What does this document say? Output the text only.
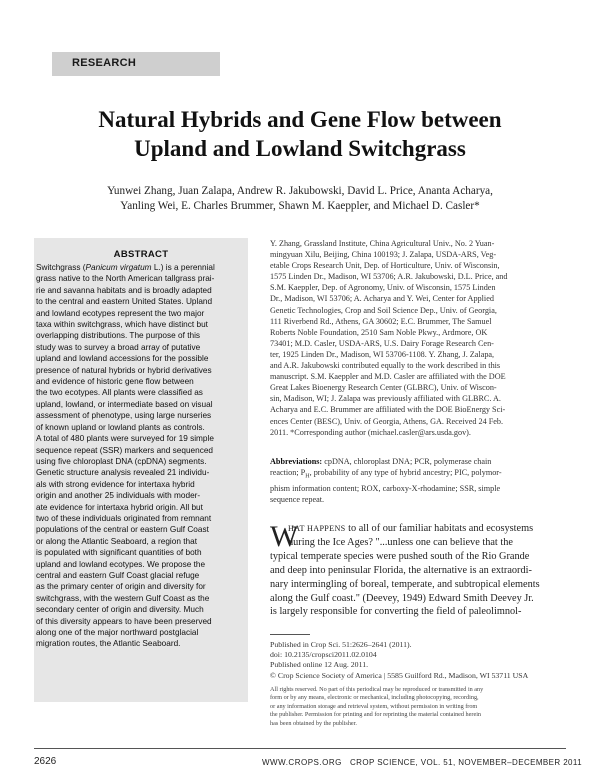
RESEARCH
Natural Hybrids and Gene Flow between
Upland and Lowland Switchgrass
Yunwei Zhang, Juan Zalapa, Andrew R. Jakubowski, David L. Price, Ananta Acharya,
Yanling Wei, E. Charles Brummer, Shawn M. Kaeppler, and Michael D. Casler*
ABSTRACT
Switchgrass (Panicum virgatum L.) is a perennial
grass native to the North American tallgrass prai-
rie and savanna habitats and is broadly adapted
to the central and eastern United States. Upland
and lowland ecotypes represent the two major
taxa within switchgrass, which have distinct but
overlapping distributions. The purpose of this
study was to survey a broad array of putative
upland and lowland accessions for the possible
presence of natural hybrids or hybrid derivatives
and evidence of historic gene flow between
the two ecotypes. All plants were classified as
upland, lowland, or intermediate based on visual
assessment of phenotype, using large nurseries
of known upland or lowland plants as controls.
A total of 480 plants were surveyed for 19 simple
sequence repeat (SSR) markers and sequenced
using five chloroplast DNA (cpDNA) segments.
Genetic structure analysis revealed 21 individu-
als with strong evidence for intertaxa hybrid
origin and another 25 individuals with moder-
ate evidence for intertaxa hybrid origin. All but
two of these individuals originated from remnant
populations of the central or eastern Gulf Coast
or along the Atlantic Seaboard, a region that
is populated with significant quantities of both
upland and lowland ecotypes. We propose the
central and eastern Gulf Coast glacial refuge
as the primary center of origin and diversity for
switchgrass, with the western Gulf Coast as the
secondary center of origin and diversity. Much
of this diversity appears to have been preserved
along one of the major northward postglacial
migration routes, the Atlantic Seaboard.
Y. Zhang, Grassland Institute, China Agricultural Univ., No. 2 Yuan-
mingyuan Xilu, Beijing, China 100193; J. Zalapa, USDA-ARS, Veg-
etable Crops Research Unit, Dep. of Horticulture, Univ. of Wisconsin,
1575 Linden Dr., Madison, WI 53706; A.R. Jakubowski, D.L. Price, and
S.M. Kaeppler, Dep. of Agronomy, Univ. of Wisconsin, 1575 Linden
Dr., Madison, WI 53706; A. Acharya and Y. Wei, Center for Applied
Genetic Technologies, Crop and Soil Science Dep., Univ. of Georgia,
111 Riverbend Rd., Athens, GA 30602; E.C. Brummer, The Samuel
Roberts Noble Foundation, 2510 Sam Noble Pkwy., Ardmore, OK
73401; M.D. Casler, USDA-ARS, U.S. Dairy Forage Research Cen-
ter, 1925 Linden Dr., Madison, WI 53706-1108. Y. Zhang, J. Zalapa,
and A.R. Jakubowski contributed equally to the work described in this
manuscript. S.M. Kaeppler and M.D. Casler are affiliated with the DOE
Great Lakes Bioenergy Research Center (GLBRC), Univ. of Wiscon-
sin, Madison, WI; J. Zalapa was previously affiliated with GLBRC. A.
Acharya and E.C. Brummer are affiliated with the DOE BioEnergy Sci-
ences Center (BESC), Univ. of Georgia, Athens, GA. Received 24 Feb.
2011. *Corresponding author (michael.casler@ars.usda.gov).
Abbreviations: cpDNA, chloroplast DNA; PCR, polymerase chain
reaction; $P_H$, probability of any type of hybrid ancestry; PIC, polymor-
phism information content; ROX, carboxy-X-rhodamine; SSR, simple
sequence repeat.
W
HAT HAPPENS to all of our familiar habitats and ecosystems
during the Ice Ages? "...unless one can believe that the
typical temperate species were pushed south of the Rio Grande
and deep into peninsular Florida, the alternative is an extraordi-
nary intermingling of boreal, temperate, and subtropical elements
along the Gulf coast." (Deevey, 1949) Edward Smith Deevey Jr.
is largely responsible for converting the field of paleolimnol-
Published in Crop Sci. 51:2626–2641 (2011).
doi: 10.2135/cropsci2011.02.0104
Published online 12 Aug. 2011.
© Crop Science Society of America | 5585 Guilford Rd., Madison, WI 53711 USA
All rights reserved. No part of this periodical may be reproduced or transmitted in any
form or by any means, electronic or mechanical, including photocopying, recording,
or any information storage and retrieval system, without permission in writing from
the publisher. Permission for printing and for reprinting the material contained herein
has been obtained by the publisher.
2626	WWW.CROPS.ORG CROP SCIENCE, VOL. 51, NOVEMBER–DECEMBER 2011
